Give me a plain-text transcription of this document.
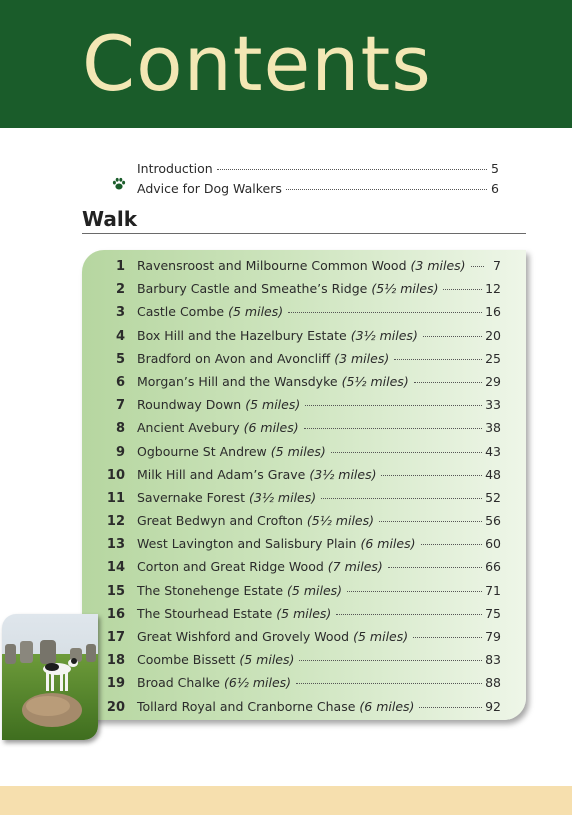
Contents
Introduction	5
Advice for Dog Walkers	6
Walk
1 Ravensroost and Milbourne Common Wood (3 miles)	7
2 Barbury Castle and Smeathe’s Ridge (5½ miles)	12
3 Castle Combe (5 miles)	16
4 Box Hill and the Hazelbury Estate (3½ miles)	20
5 Bradford on Avon and Avoncliff (3 miles)	25
6 Morgan’s Hill and the Wansdyke (5½ miles)	29
7 Roundway Down (5 miles)	33
8 Ancient Avebury (6 miles)	38
9 Ogbourne St Andrew (5 miles)	43
10 Milk Hill and Adam’s Grave (3½ miles)	48
11 Savernake Forest (3½ miles)	52
12 Great Bedwyn and Crofton (5½ miles)	56
13 West Lavington and Salisbury Plain (6 miles)	60
14 Corton and Great Ridge Wood (7 miles)	66
15 The Stonehenge Estate (5 miles)	71
16 The Stourhead Estate (5 miles)	75
17 Great Wishford and Grovely Wood (5 miles)	79
18 Coombe Bissett (5 miles)	83
19 Broad Chalke (6½ miles)	88
20 Tollard Royal and Cranborne Chase (6 miles)	92
